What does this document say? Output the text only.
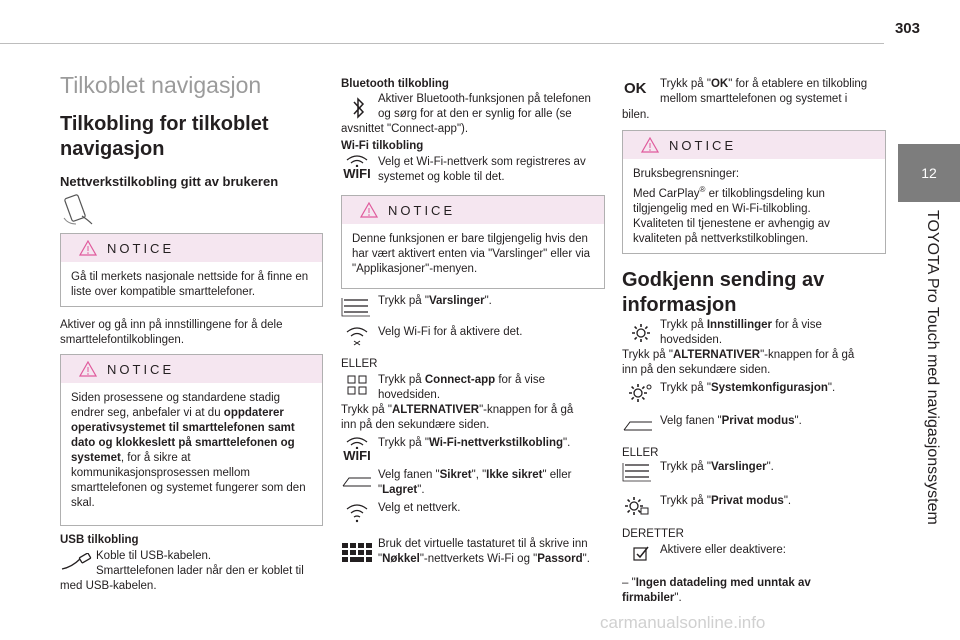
303
12
TOYOTA Pro Touch med navigasjonssystem
Tilkoblet navigasjon
Tilkobling for tilkoblet navigasjon
Nettverkstilkobling gitt av brukeren
NOTICE
Gå til merkets nasjonale nettside for å finne en liste over kompatible smarttelefoner.
Aktiver og gå inn på innstillingene for å dele smarttelefontilkoblingen.
NOTICE
Siden prosessene og standardene stadig endrer seg, anbefaler vi at du oppdaterer operativsystemet til smarttelefonen samt dato og klokkeslett på smarttelefonen og systemet, for å sikre at kommunikasjonsprosessen mellom smarttelefonen og systemet fungerer som den skal.
USB tilkobling
Koble til USB-kabelen.
Smarttelefonen lader når den er koblet til
med USB-kabelen.
Bluetooth tilkobling
Aktiver Bluetooth-funksjonen på telefonen
og sørg for at den er synlig for alle (se
avsnittet "Connect-app").
Wi-Fi tilkobling
WIFI
Velg et Wi-Fi-nettverk som registreres av
systemet og koble til det.
NOTICE
Denne funksjonen er bare tilgjengelig hvis den har vært aktivert enten via "Varslinger" eller via "Applikasjoner"-menyen.
Trykk på "Varslinger".
Velg Wi-Fi for å aktivere det.
ELLER
Trykk på Connect-app for å vise
hovedsiden.
Trykk på "ALTERNATIVER"-knappen for å gå
inn på den sekundære siden.
WIFI
Trykk på "Wi-Fi-nettverkstilkobling".
Velg fanen "Sikret", "Ikke sikret" eller
"Lagret".
Velg et nettverk.
Bruk det virtuelle tastaturet til å skrive inn
"Nøkkel"-nettverkets Wi-Fi og "Passord".
OK Trykk på "OK" for å etablere en tilkobling
mellom smarttelefonen og systemet i
bilen.
NOTICE
Bruksbegrensninger:
Med CarPlay® er tilkoblingsdeling kun tilgjengelig med en Wi-Fi-tilkobling.
Kvaliteten til tjenestene er avhengig av kvaliteten på nettverkstilkoblingen.
Godkjenn sending av informasjon
Trykk på Innstillinger for å vise
hovedsiden.
Trykk på "ALTERNATIVER"-knappen for å gå
inn på den sekundære siden.
Trykk på "Systemkonfigurasjon".
Velg fanen "Privat modus".
ELLER
Trykk på "Varslinger".
Trykk på "Privat modus".
DERETTER
Aktivere eller deaktivere:
– "Ingen datadeling med unntak av
firmabiler".
carmanualsonline.info
